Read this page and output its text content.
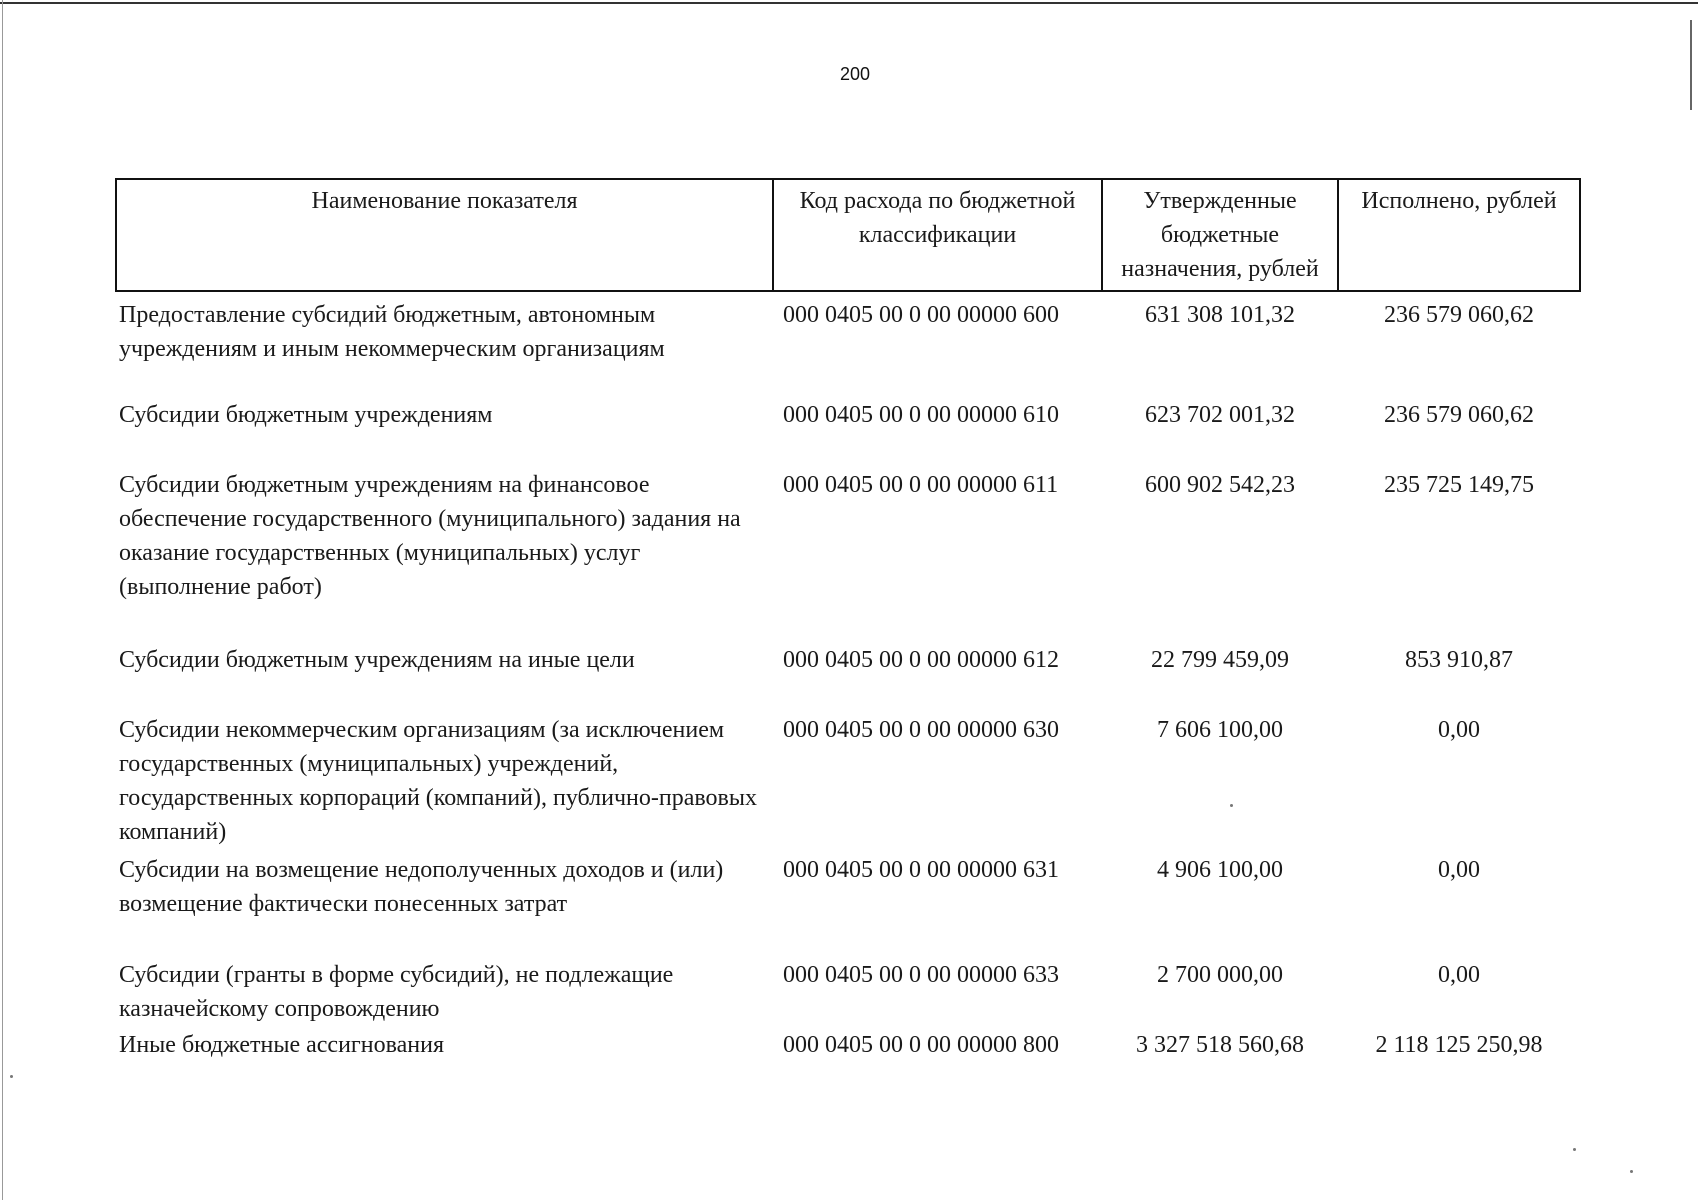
200
Наименование показателя	Код расхода по бюджетной классификации	Утвержденные бюджетные назначения, рублей	Исполнено, рублей
Предоставление субсидий бюджетным, автономным учреждениям и иным некоммерческим организациям	000 0405 00 0 00 00000 600	631 308 101,32	236 579 060,62
Субсидии бюджетным учреждениям	000 0405 00 0 00 00000 610	623 702 001,32	236 579 060,62
Субсидии бюджетным учреждениям на финансовое обеспечение государственного (муниципального) задания на оказание государственных (муниципальных) услуг (выполнение работ)	000 0405 00 0 00 00000 611	600 902 542,23	235 725 149,75
Субсидии бюджетным учреждениям на иные цели	000 0405 00 0 00 00000 612	22 799 459,09	853 910,87
Субсидии некоммерческим организациям (за исключением государственных (муниципальных) учреждений, государственных корпораций (компаний), публично-правовых компаний)	000 0405 00 0 00 00000 630	7 606 100,00	0,00
Субсидии на возмещение недополученных доходов и (или) возмещение фактически понесенных затрат	000 0405 00 0 00 00000 631	4 906 100,00	0,00
Субсидии (гранты в форме субсидий), не подлежащие казначейскому сопровождению	000 0405 00 0 00 00000 633	2 700 000,00	0,00
Иные бюджетные ассигнования	000 0405 00 0 00 00000 800	3 327 518 560,68	2 118 125 250,98
